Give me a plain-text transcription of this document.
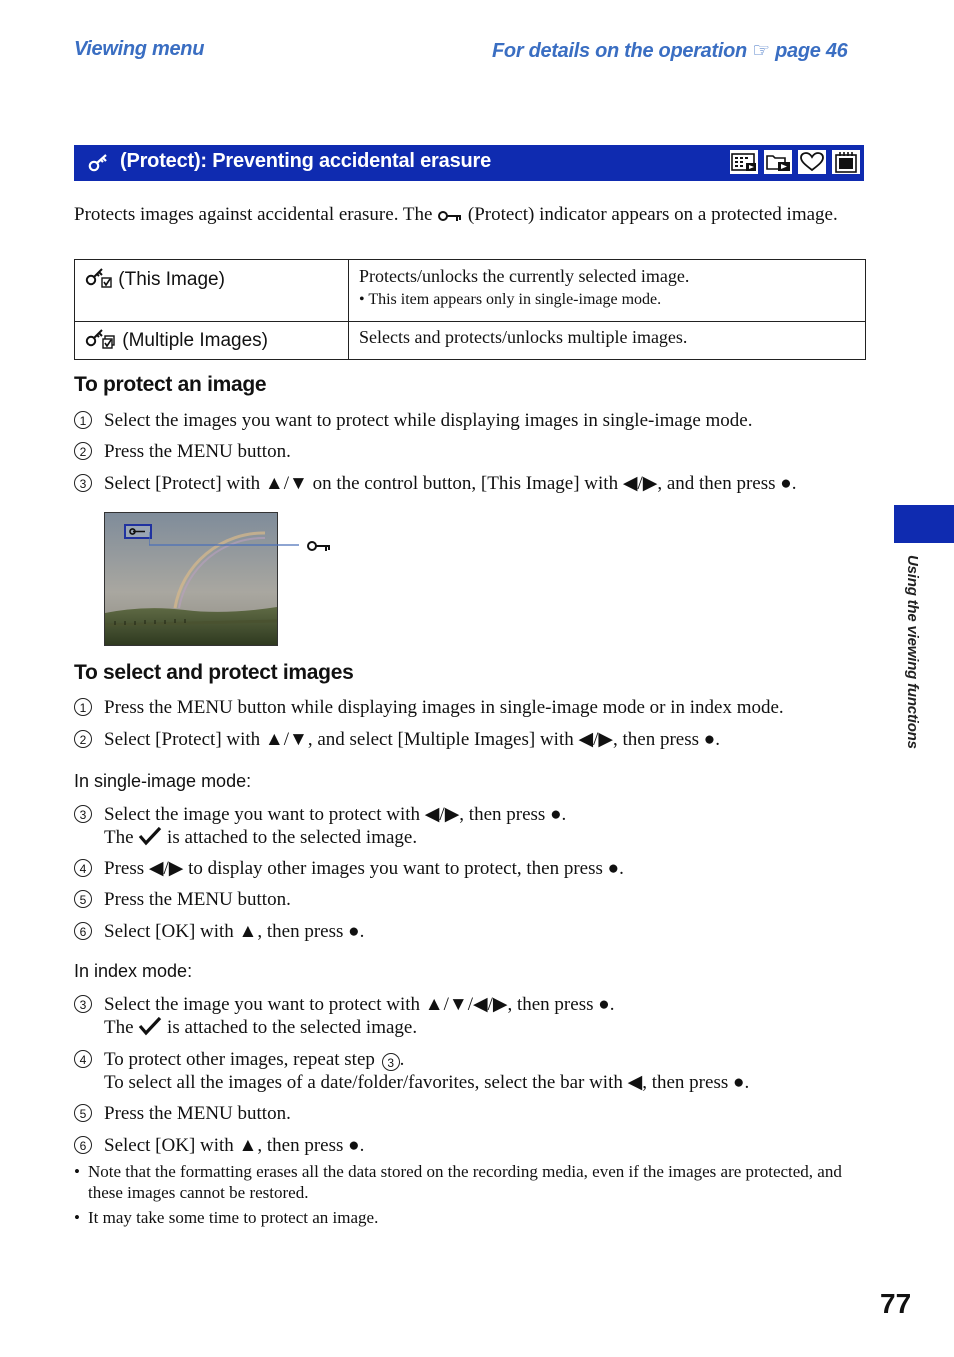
Viewing menu	For details on the operation ☞ page 46
(Protect): Preventing accidental erasure
Protects images against accidental erasure. The (Protect) indicator appears on a protected image.
(This Image)	Protects/unlocks the currently selected image.
• This item appears only in single-image mode.

(Multiple Images)	Selects and protects/unlocks multiple images.
To protect an image
1 Select the images you want to protect while displaying images in single-image mode.
2 Press the MENU button.
3 Select [Protect] with ▲/▼ on the control button, [This Image] with ◀/▶, and then press ●.
To select and protect images
1 Press the MENU button while displaying images in single-image mode or in index mode.
2 Select [Protect] with ▲/▼, and select [Multiple Images] with ◀/▶, then press ●.
In single-image mode:
3 Select the image you want to protect with ◀/▶, then press ●.
The is attached to the selected image.
4 Press ◀/▶ to display other images you want to protect, then press ●.
5 Press the MENU button.
6 Select [OK] with ▲, then press ●.
In index mode:
3 Select the image you want to protect with ▲/▼/◀/▶, then press ●.
The is attached to the selected image.
4 To protect other images, repeat step 3 .
To select all the images of a date/folder/favorites, select the bar with ◀, then press ●.
5 Press the MENU button.
6 Select [OK] with ▲, then press ●.
• Note that the formatting erases all the data stored on the recording media, even if the images are protected, and these images cannot be restored.
• It may take some time to protect an image.
Using the viewing functions
77
